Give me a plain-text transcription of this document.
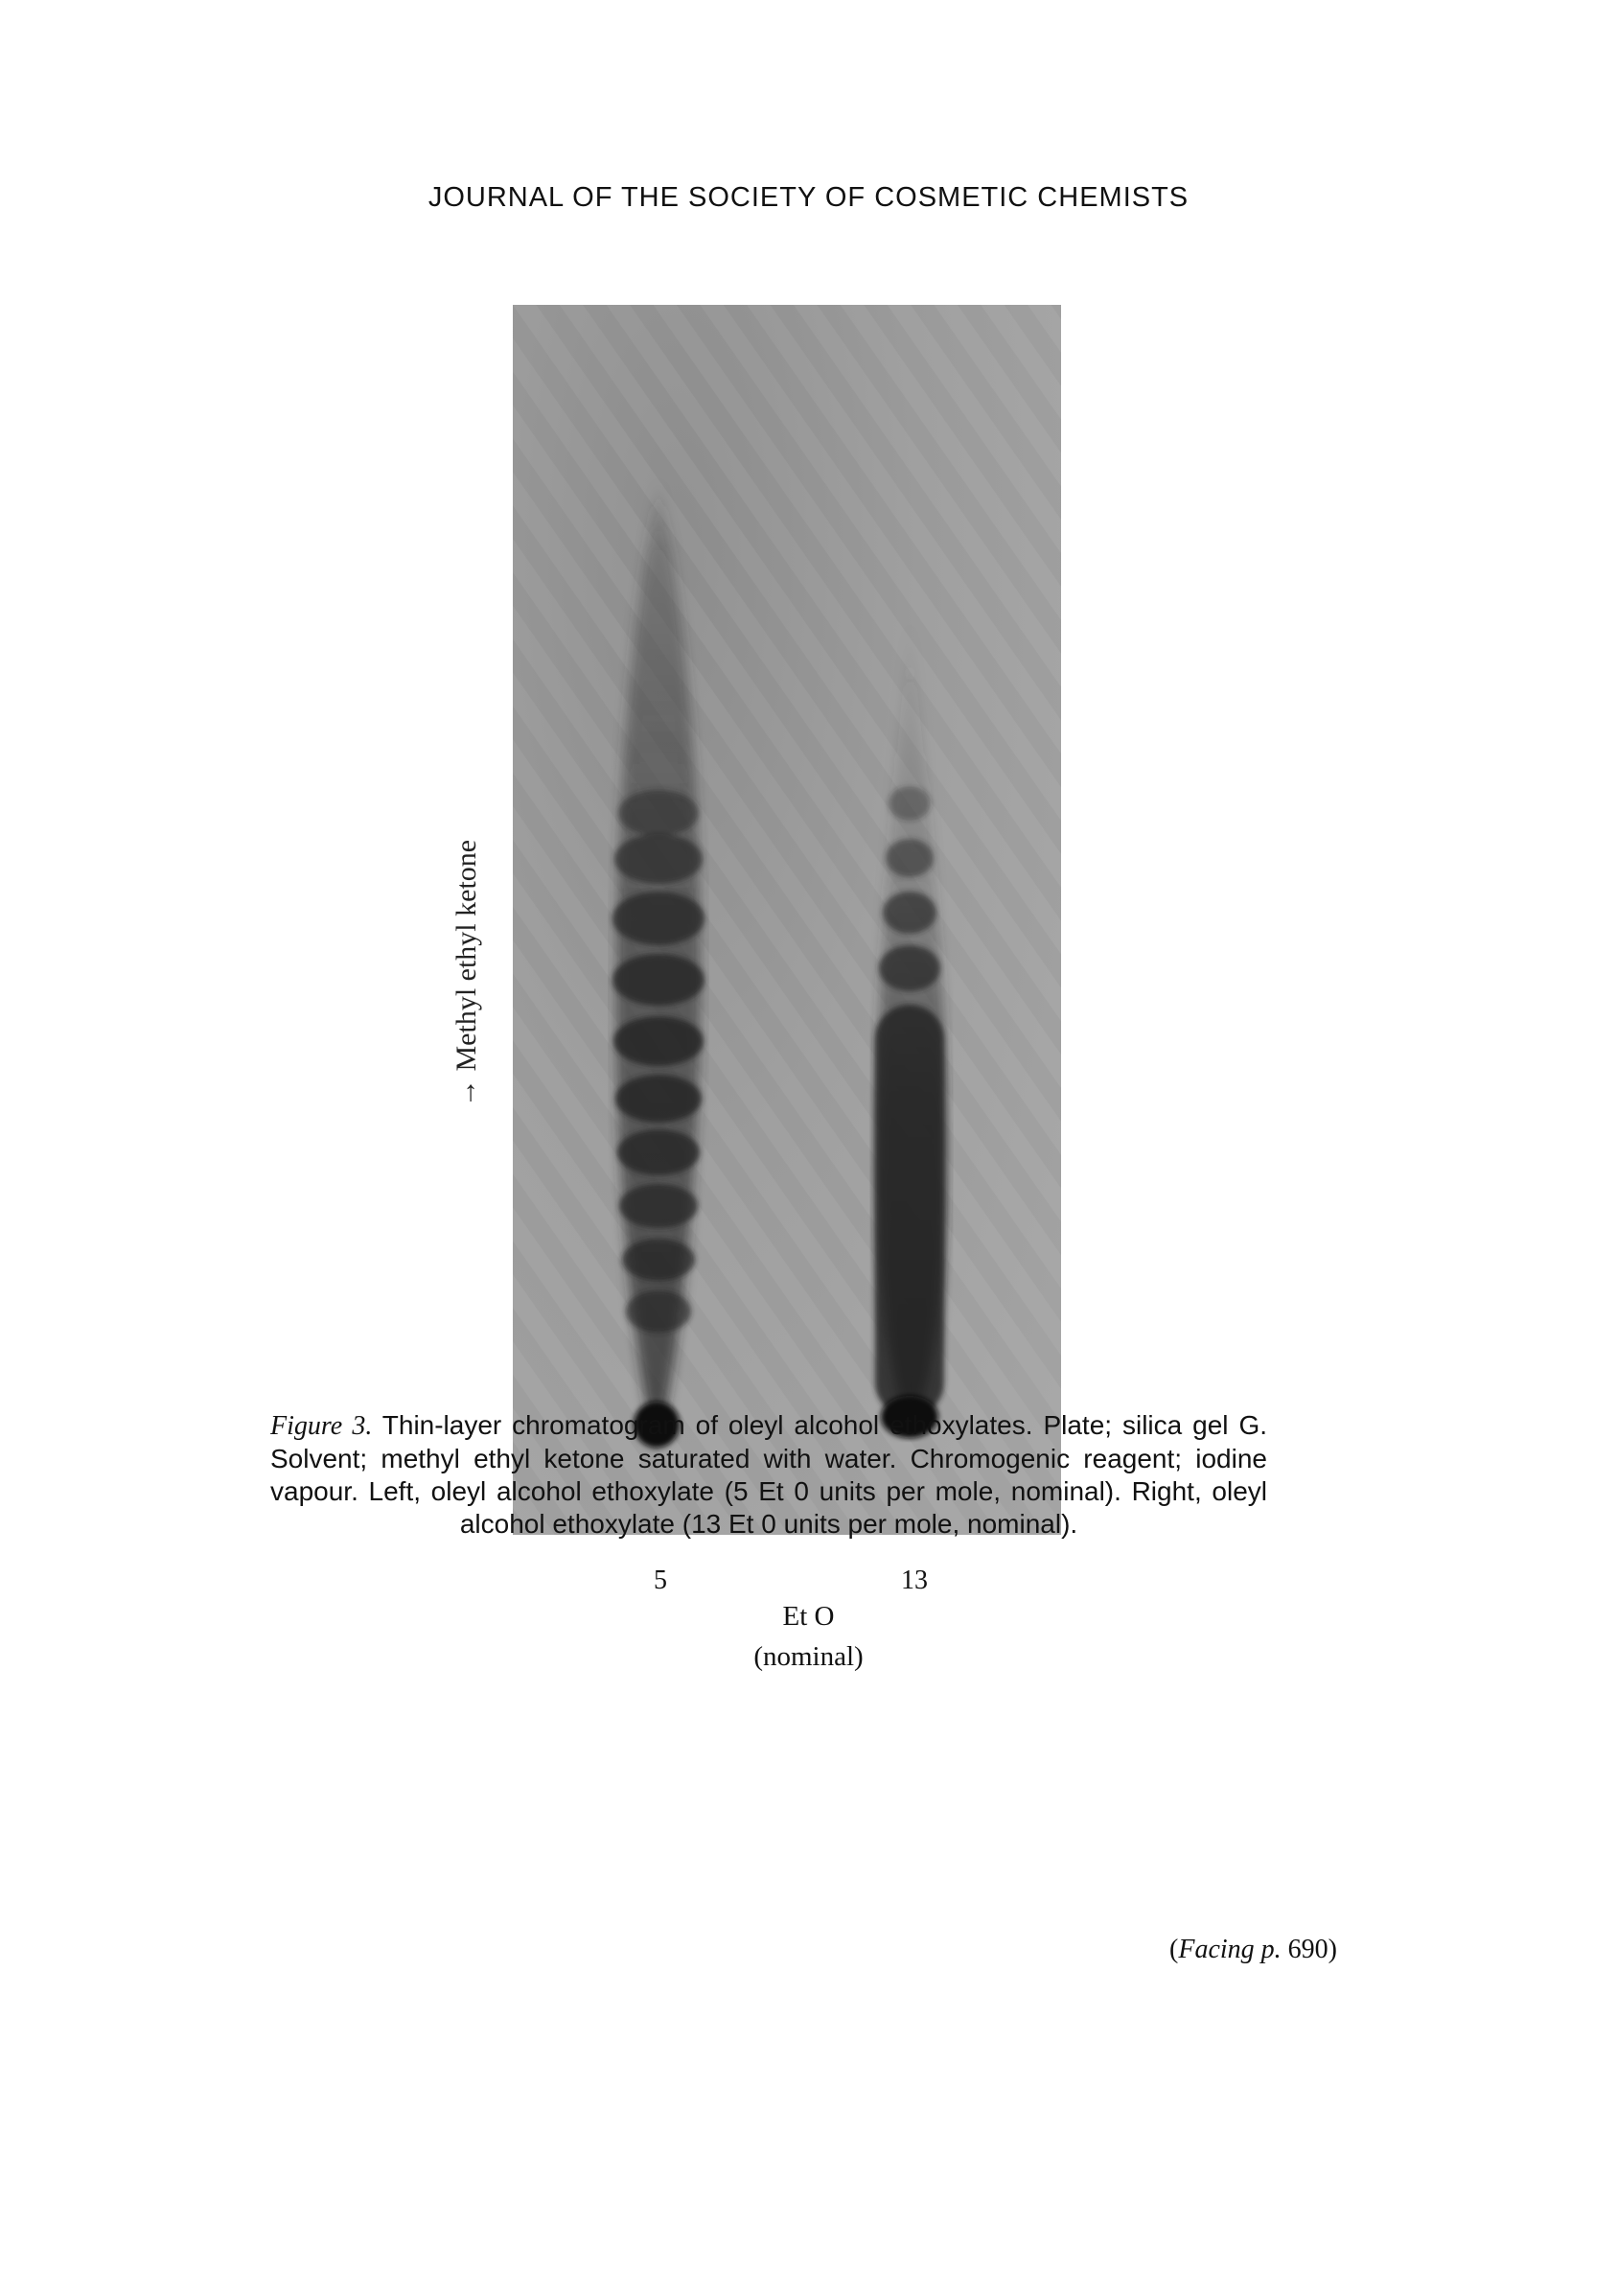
JOURNAL OF THE SOCIETY OF COSMETIC CHEMISTS
→ Methyl ethyl ketone
5	13
Et O
(nominal)
Figure 3. Thin-layer chromatogram of oleyl alcohol ethoxylates. Plate; silica gel G. Solvent; methyl ethyl ketone saturated with water. Chromogenic reagent; iodine vapour. Left, oleyl alcohol ethoxylate (5 Et 0 units per mole, nominal). Right, oleyl alcohol ethoxylate (13 Et 0 units per mole, nominal).
(Facing p. 690)
